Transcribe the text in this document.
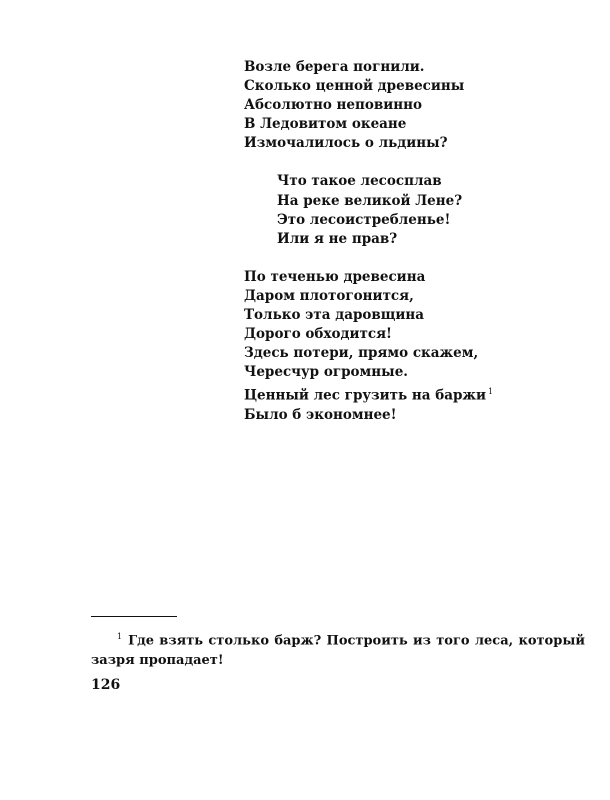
Возле берега погнили.
Сколько ценной древесины
Абсолютно неповинно
В Ледовитом океане
Измочалилось о льдины?
Что такое лесосплав
На реке великой Лене?
Это лесоистребленье!
Или я не прав?
По теченью древесина
Даром плотогонится,
Только эта даровщина
Дорого обходится!
Здесь потери, прямо скажем,
Чересчур огромные.
Ценный лес грузить на баржи $^1$
Было б экономнее!
$^1$ Где взять столько барж? Построить из того леса, который зазря пропадает!
126
